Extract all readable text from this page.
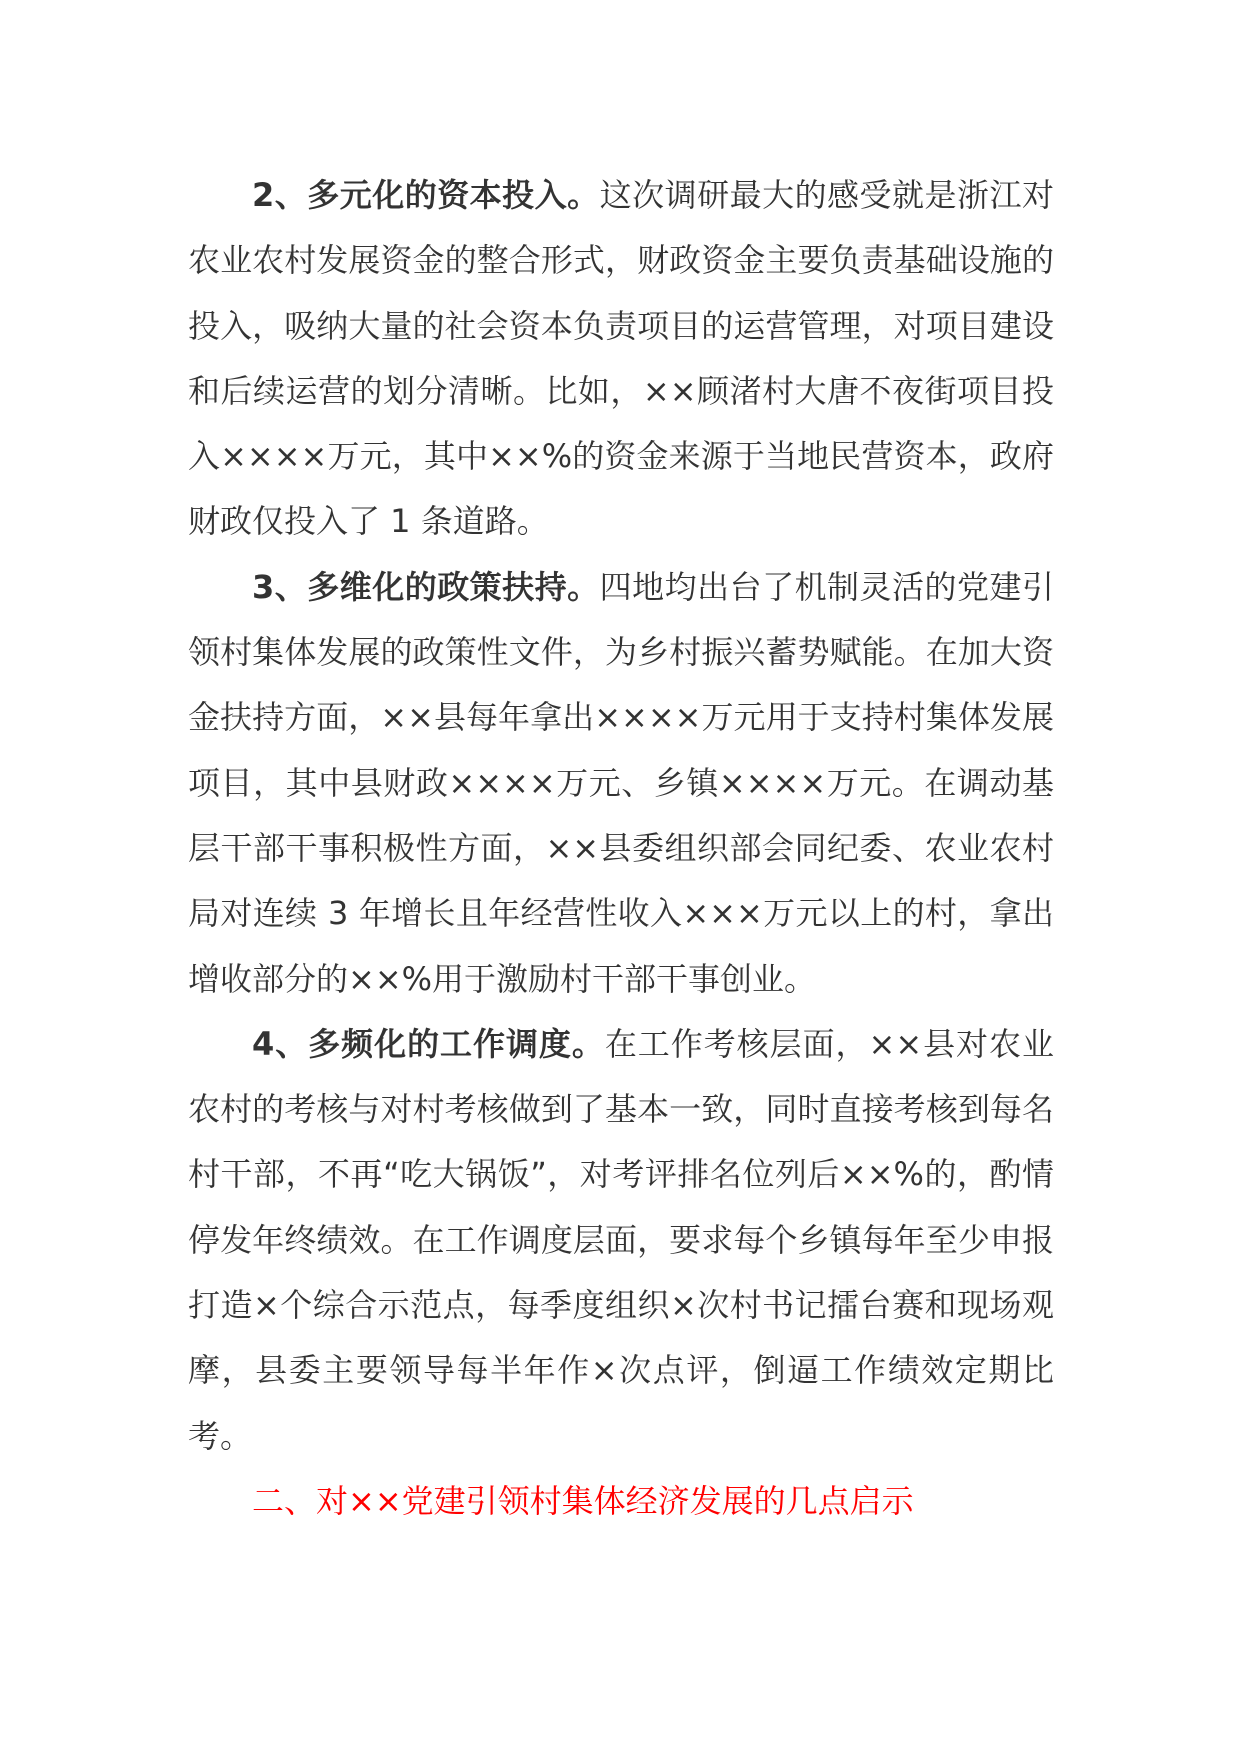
2、多元化的资本投入。这次调研最大的感受就是浙江对农业农村发展资金的整合形式，财政资金主要负责基础设施的投入，吸纳大量的社会资本负责项目的运营管理，对项目建设和后续运营的划分清晰。比如，××顾渚村大唐不夜街项目投入××××万元，其中××%的资金来源于当地民营资本，政府财政仅投入了 1 条道路。

3、多维化的政策扶持。四地均出台了机制灵活的党建引领村集体发展的政策性文件，为乡村振兴蓄势赋能。在加大资金扶持方面，××县每年拿出××××万元用于支持村集体发展项目，其中县财政××××万元、乡镇××××万元。在调动基层干部干事积极性方面，××县委组织部会同纪委、农业农村局对连续 3 年增长且年经营性收入×××万元以上的村，拿出增收部分的××%用于激励村干部干事创业。

4、多频化的工作调度。在工作考核层面，××县对农业农村的考核与对村考核做到了基本一致，同时直接考核到每名村干部，不再“吃大锅饭”，对考评排名位列后××%的，酌情停发年终绩效。在工作调度层面，要求每个乡镇每年至少申报打造×个综合示范点，每季度组织×次村书记擂台赛和现场观摩，县委主要领导每半年作×次点评，倒逼工作绩效定期比考。

二、对××党建引领村集体经济发展的几点启示
